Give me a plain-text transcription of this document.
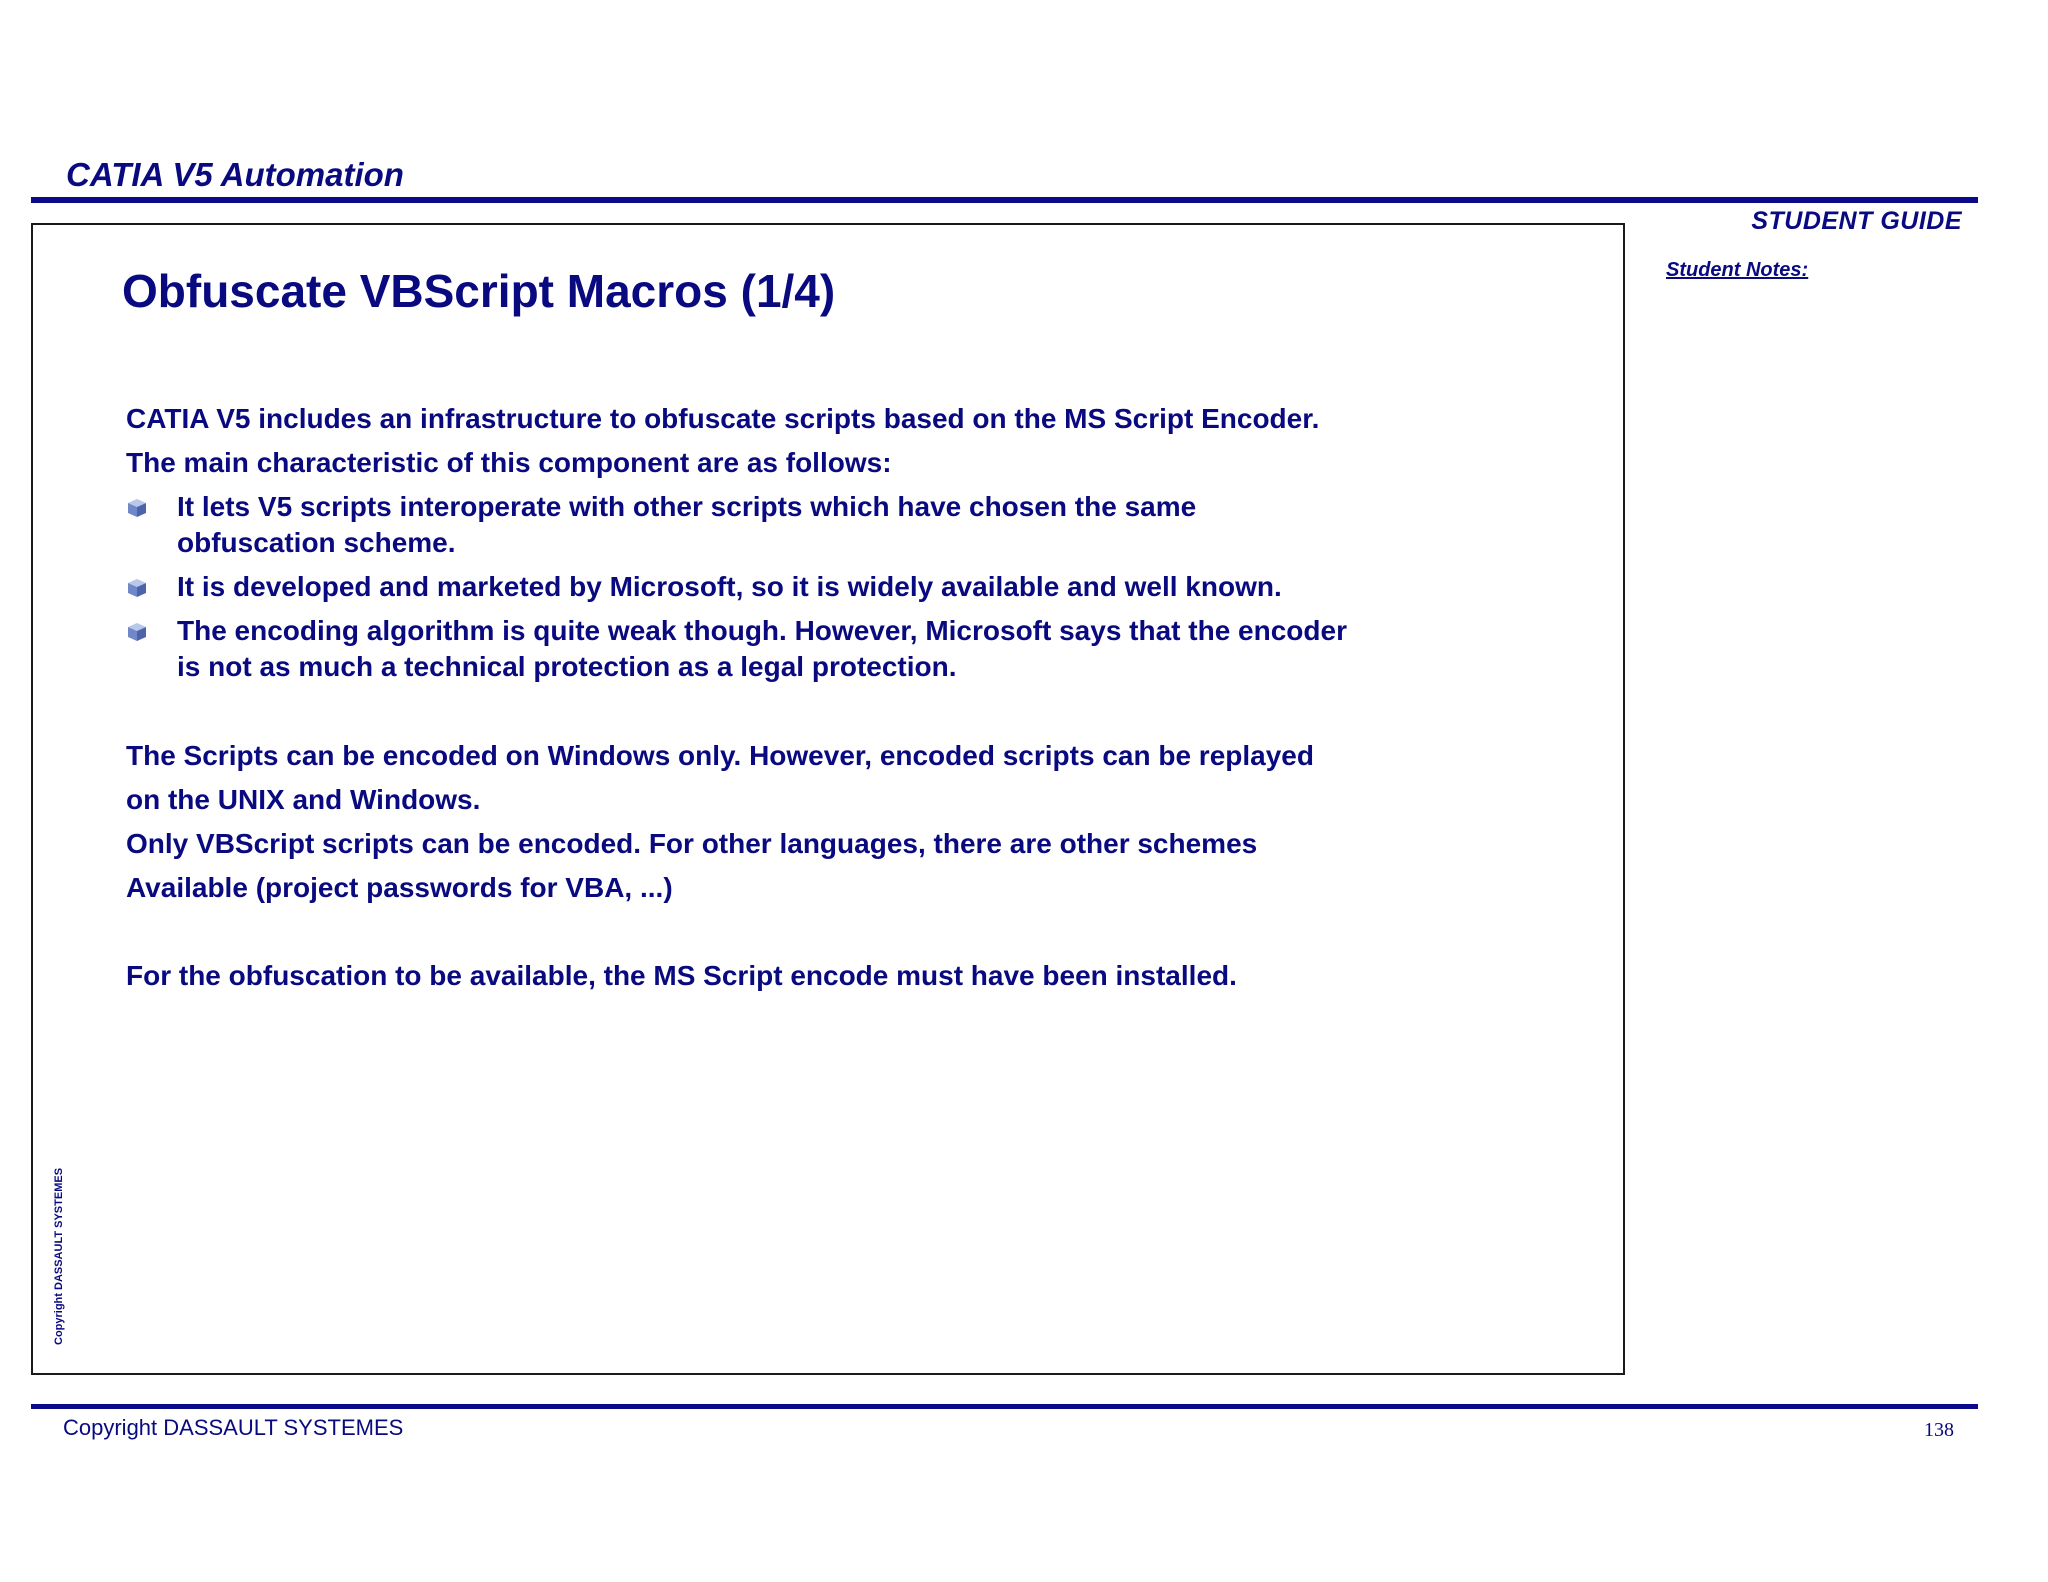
CATIA V5 Automation
STUDENT GUIDE
Student Notes:
Obfuscate VBScript Macros (1/4)
CATIA V5 includes an infrastructure to obfuscate scripts based on the MS Script Encoder.
The main characteristic of this component are as follows:
It lets V5 scripts interoperate with other scripts which have chosen the same
obfuscation scheme.
It is developed and marketed by Microsoft, so it is widely available and well known.
The encoding algorithm is quite weak though. However, Microsoft says that the encoder
is not as much a technical protection as a legal protection.
The Scripts can be encoded on Windows only. However, encoded scripts can be replayed
on the UNIX and Windows.
Only VBScript scripts can be encoded. For other languages, there are other schemes
Available (project passwords for VBA, ...)
For the obfuscation to be available, the MS Script encode must have been installed.
Copyright DASSAULT SYSTEMES
Copyright DASSAULT SYSTEMES	138
